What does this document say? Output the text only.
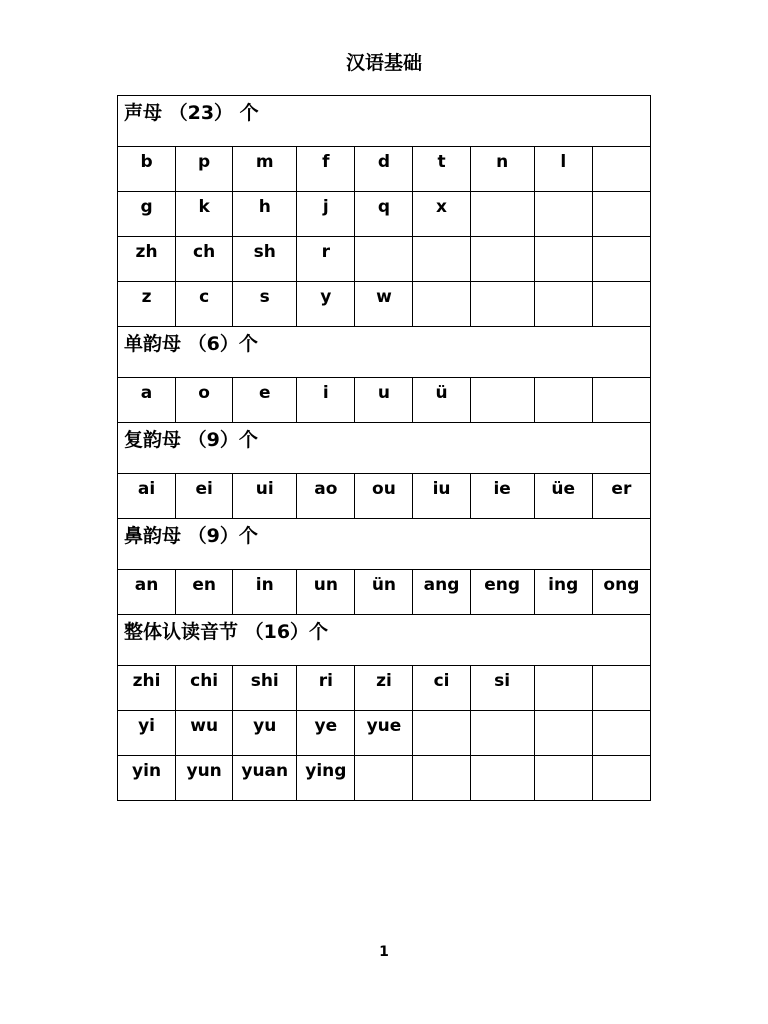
汉语基础
声母 （23） 个								
b	p	m	f	d	t	n	l	
g	k	h	j	q	x			
zh	ch	sh	r					
z	c	s	y	w				
单韵母 （6）个								
a	o	e	i	u	ü			
复韵母 （9）个								
ai	ei	ui	ao	ou	iu	ie	üe	er
鼻韵母 （9）个								
an	en	in	un	ün	ang	eng	ing	ong
整体认读音节 （16）个								
zhi	chi	shi	ri	zi	ci	si		
yi	wu	yu	ye	yue				
yin	yun	yuan	ying					
1
